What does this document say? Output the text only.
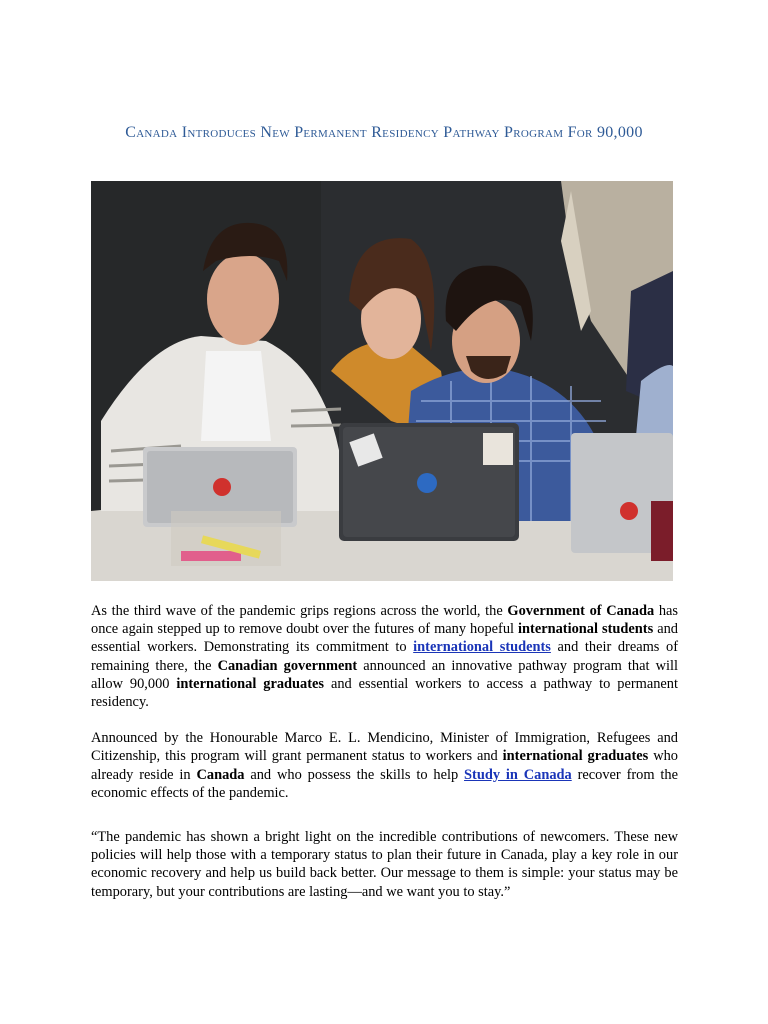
Canada Introduces New Permanent Residency Pathway Program For 90,000

As the third wave of the pandemic grips regions across the world, the Government of Canada has once again stepped up to remove doubt over the futures of many hopeful international students and essential workers. Demonstrating its commitment to international students and their dreams of remaining there, the Canadian government announced an innovative pathway program that will allow 90,000 international graduates and essential workers to access a pathway to permanent residency.

Announced by the Honourable Marco E. L. Mendicino, Minister of Immigration, Refugees and Citizenship, this program will grant permanent status to workers and international graduates who already reside in Canada and who possess the skills to help Study in Canada recover from the economic effects of the pandemic.

“The pandemic has shown a bright light on the incredible contributions of newcomers. These new policies will help those with a temporary status to plan their future in Canada, play a key role in our economic recovery and help us build back better. Our message to them is simple: your status may be temporary, but your contributions are lasting—and we want you to stay.”
